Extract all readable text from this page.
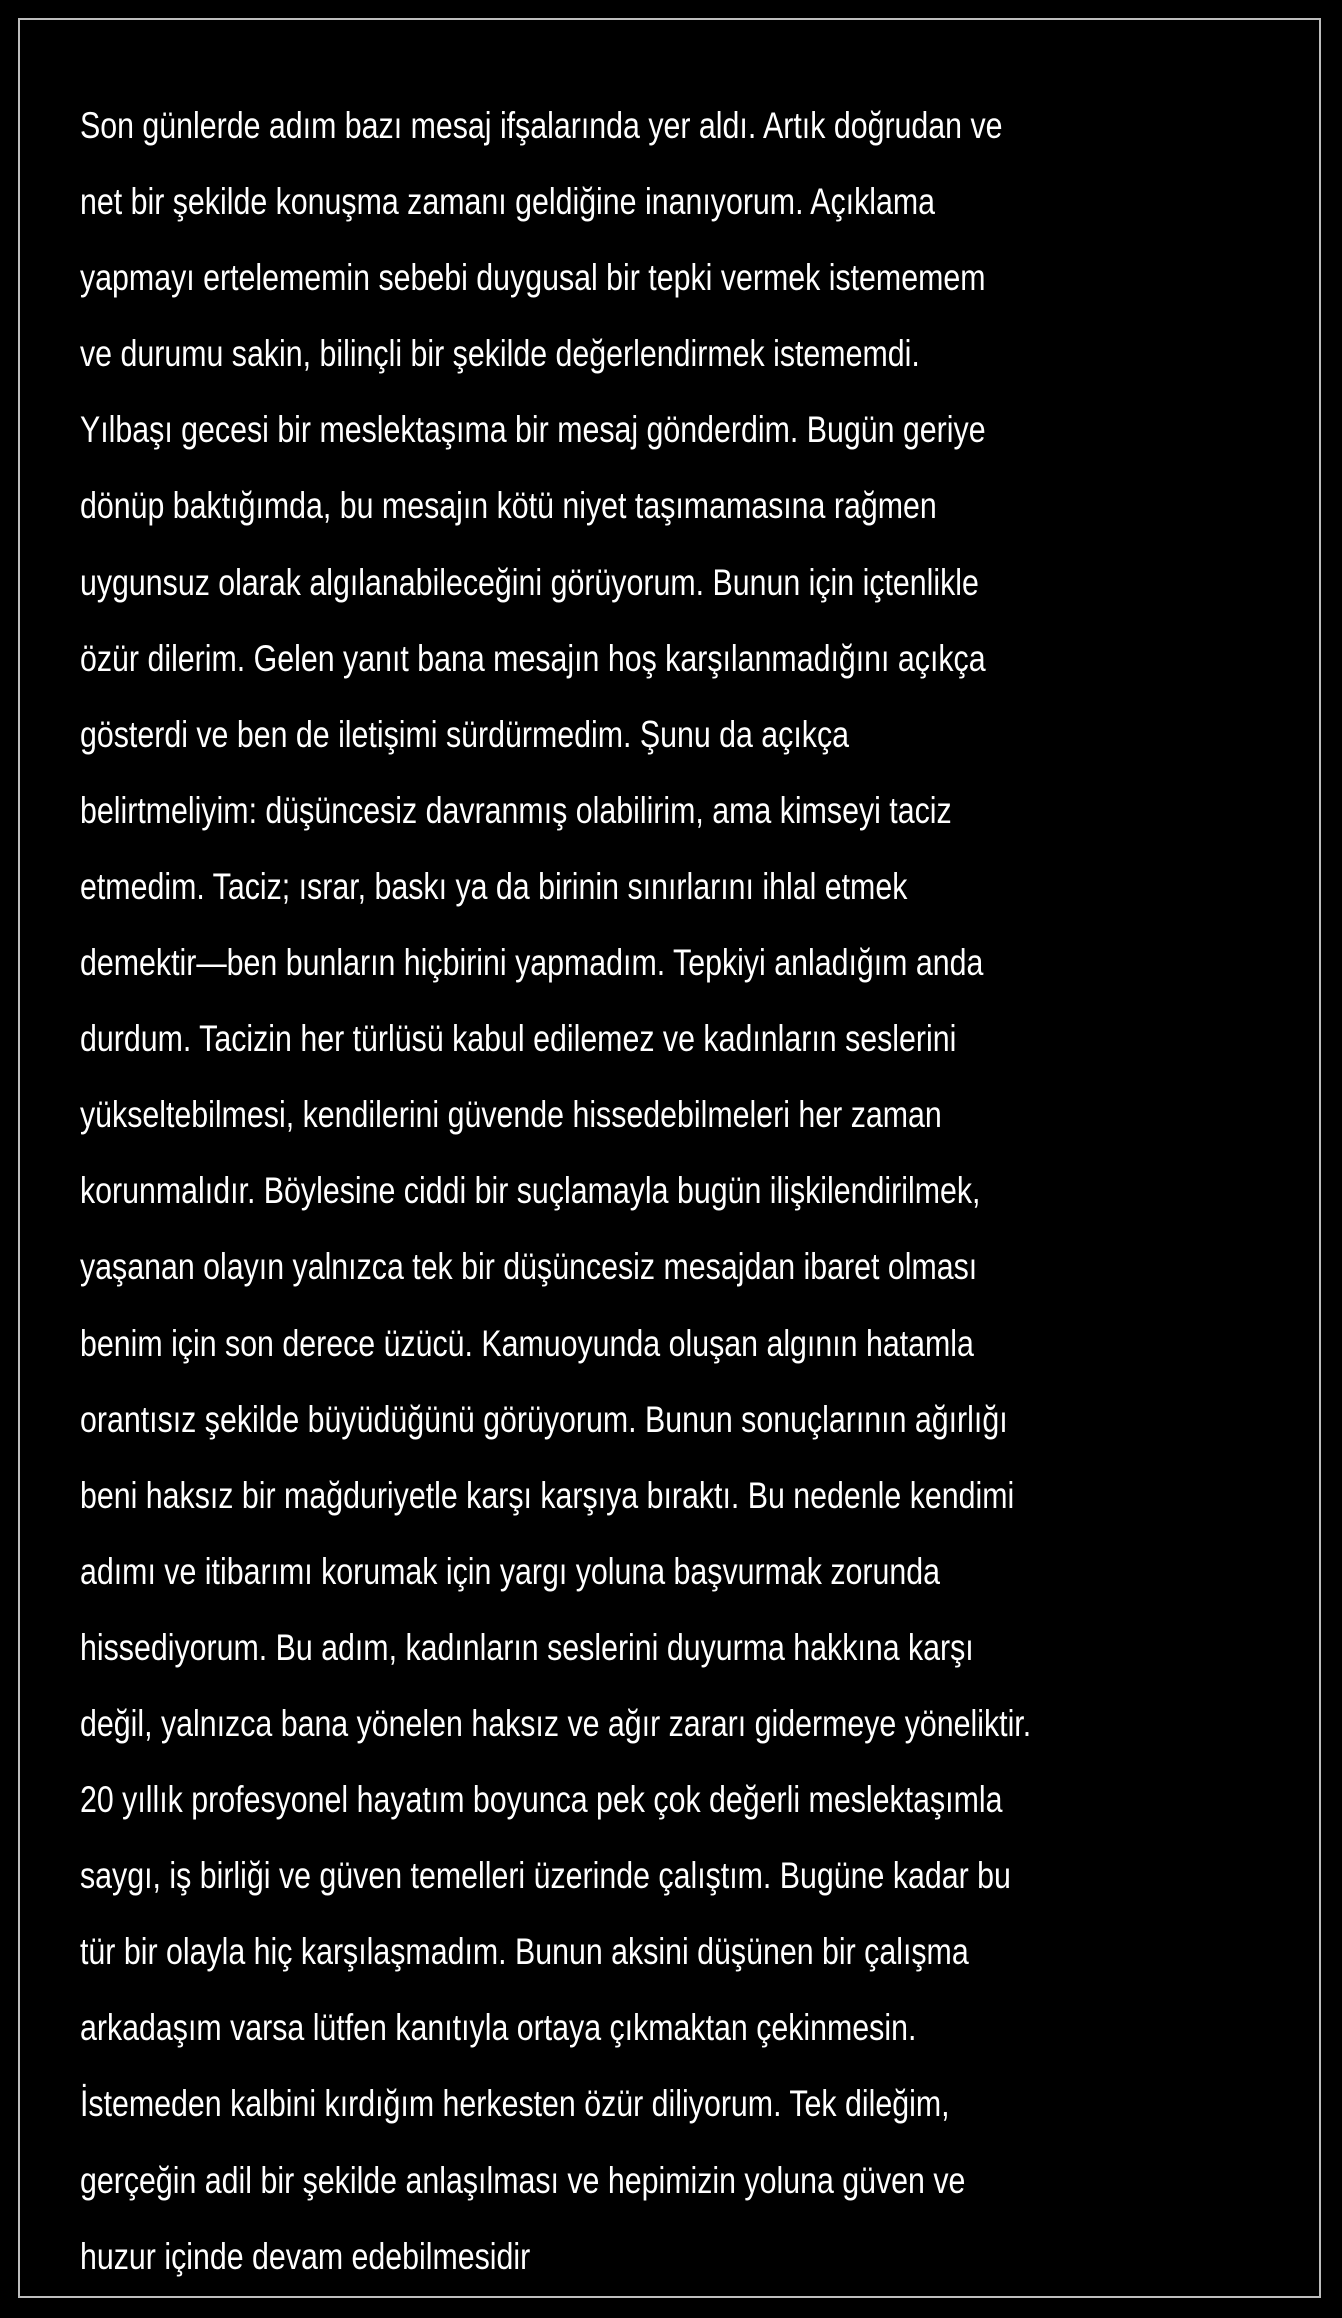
Son günlerde adım bazı mesaj ifşalarında yer aldı. Artık doğrudan ve
net bir şekilde konuşma zamanı geldiğine inanıyorum. Açıklama
yapmayı ertelememin sebebi duygusal bir tepki vermek istememem
ve durumu sakin, bilinçli bir şekilde değerlendirmek istememdi.
Yılbaşı gecesi bir meslektaşıma bir mesaj gönderdim. Bugün geriye
dönüp baktığımda, bu mesajın kötü niyet taşımamasına rağmen
uygunsuz olarak algılanabileceğini görüyorum. Bunun için içtenlikle
özür dilerim. Gelen yanıt bana mesajın hoş karşılanmadığını açıkça
gösterdi ve ben de iletişimi sürdürmedim. Şunu da açıkça
belirtmeliyim: düşüncesiz davranmış olabilirim, ama kimseyi taciz
etmedim. Taciz; ısrar, baskı ya da birinin sınırlarını ihlal etmek
demektir—ben bunların hiçbirini yapmadım. Tepkiyi anladığım anda
durdum. Tacizin her türlüsü kabul edilemez ve kadınların seslerini
yükseltebilmesi, kendilerini güvende hissedebilmeleri her zaman
korunmalıdır. Böylesine ciddi bir suçlamayla bugün ilişkilendirilmek,
yaşanan olayın yalnızca tek bir düşüncesiz mesajdan ibaret olması
benim için son derece üzücü. Kamuoyunda oluşan algının hatamla
orantısız şekilde büyüdüğünü görüyorum. Bunun sonuçlarının ağırlığı
beni haksız bir mağduriyetle karşı karşıya bıraktı. Bu nedenle kendimi
adımı ve itibarımı korumak için yargı yoluna başvurmak zorunda
hissediyorum. Bu adım, kadınların seslerini duyurma hakkına karşı
değil, yalnızca bana yönelen haksız ve ağır zararı gidermeye yöneliktir.
20 yıllık profesyonel hayatım boyunca pek çok değerli meslektaşımla
saygı, iş birliği ve güven temelleri üzerinde çalıştım. Bugüne kadar bu
tür bir olayla hiç karşılaşmadım. Bunun aksini düşünen bir çalışma
arkadaşım varsa lütfen kanıtıyla ortaya çıkmaktan çekinmesin.
İstemeden kalbini kırdığım herkesten özür diliyorum. Tek dileğim,
gerçeğin adil bir şekilde anlaşılması ve hepimizin yoluna güven ve
huzur içinde devam edebilmesidir
